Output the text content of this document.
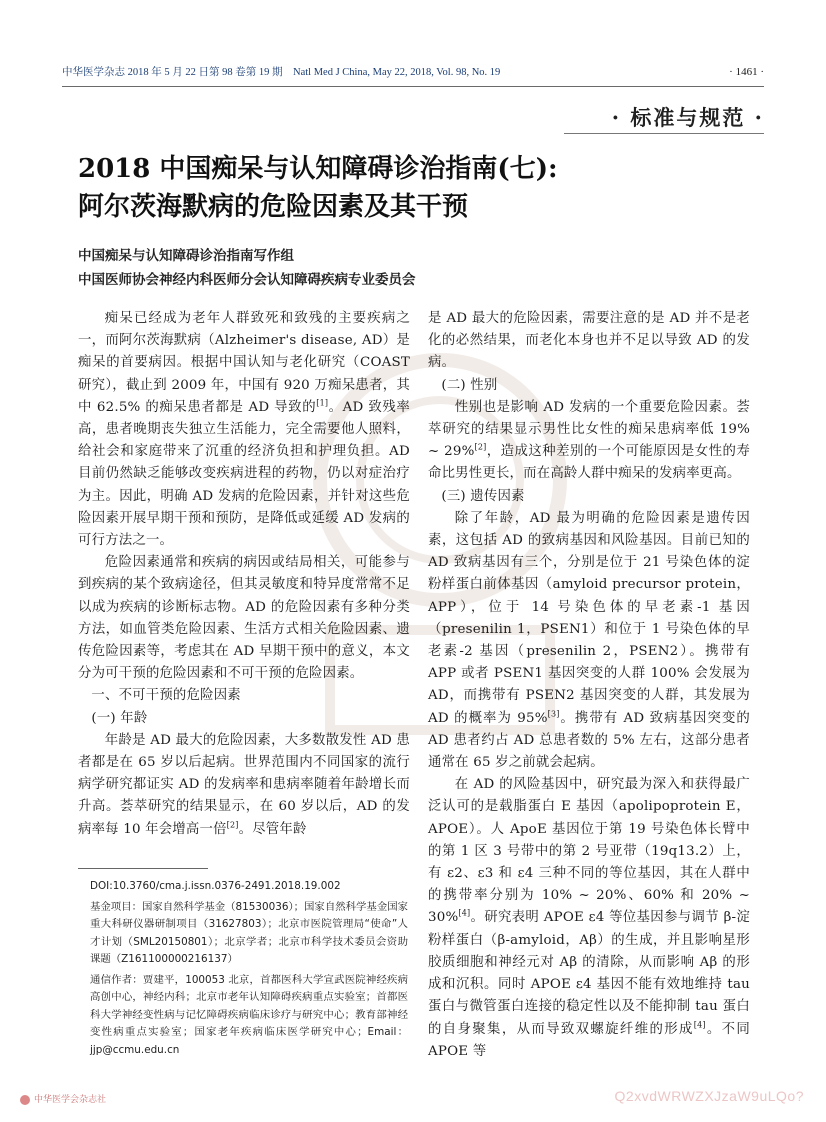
中华医学杂志 2018 年 5 月 22 日第 98 卷第 19 期　Natl Med J China, May 22, 2018, Vol. 98, No. 19	· 1461 ·
· 标准与规范 ·
2018 中国痴呆与认知障碍诊治指南(七):
阿尔茨海默病的危险因素及其干预
中国痴呆与认知障碍诊治指南写作组
中国医师协会神经内科医师分会认知障碍疾病专业委员会

痴呆已经成为老年人群致死和致残的主要疾病之一，而阿尔茨海默病（Alzheimer's disease, AD）是痴呆的首要病因。根据中国认知与老化研究（COAST 研究），截止到 2009 年，中国有 920 万痴呆患者，其中 62.5% 的痴呆患者都是 AD 导致的[1]。AD 致残率高，患者晚期丧失独立生活能力，完全需要他人照料，给社会和家庭带来了沉重的经济负担和护理负担。AD 目前仍然缺乏能够改变疾病进程的药物，仍以对症治疗为主。因此，明确 AD 发病的危险因素，并针对这些危险因素开展早期干预和预防，是降低或延缓 AD 发病的可行方法之一。

危险因素通常和疾病的病因或结局相关，可能参与到疾病的某个致病途径，但其灵敏度和特异度常常不足以成为疾病的诊断标志物。AD 的危险因素有多种分类方法，如血管类危险因素、生活方式相关危险因素、遗传危险因素等，考虑其在 AD 早期干预中的意义，本文分为可干预的危险因素和不可干预的危险因素。

一、不可干预的危险因素

(一) 年龄

年龄是 AD 最大的危险因素，大多数散发性 AD 患者都是在 65 岁以后起病。世界范围内不同国家的流行病学研究都证实 AD 的发病率和患病率随着年龄增长而升高。荟萃研究的结果显示，在 60 岁以后，AD 的发病率每 10 年会增高一倍[2]。尽管年龄

是 AD 最大的危险因素，需要注意的是 AD 并不是老化的必然结果，而老化本身也并不足以导致 AD 的发病。

(二) 性别

性别也是影响 AD 发病的一个重要危险因素。荟萃研究的结果显示男性比女性的痴呆患病率低 19% ~ 29%[2]，造成这种差别的一个可能原因是女性的寿命比男性更长，而在高龄人群中痴呆的发病率更高。

(三) 遗传因素

除了年龄，AD 最为明确的危险因素是遗传因素，这包括 AD 的致病基因和风险基因。目前已知的 AD 致病基因有三个，分别是位于 21 号染色体的淀粉样蛋白前体基因（amyloid precursor protein，APP），位于 14 号染色体的早老素-1 基因（presenilin 1，PSEN1）和位于 1 号染色体的早老素-2 基因（presenilin 2，PSEN2）。携带有 APP 或者 PSEN1 基因突变的人群 100% 会发展为 AD，而携带有 PSEN2 基因突变的人群，其发展为 AD 的概率为 95%[3]。携带有 AD 致病基因突变的 AD 患者约占 AD 总患者数的 5% 左右，这部分患者通常在 65 岁之前就会起病。

在 AD 的风险基因中，研究最为深入和获得最广泛认可的是载脂蛋白 E 基因（apolipoprotein E，APOE）。人 ApoE 基因位于第 19 号染色体长臂中的第 1 区 3 号带中的第 2 号亚带（19q13.2）上，有 ε2、ε3 和 ε4 三种不同的等位基因，其在人群中的携带率分别为 10% ~ 20%、60% 和 20% ~ 30%[4]。研究表明 APOE ε4 等位基因参与调节 β-淀粉样蛋白（β-amyloid，Aβ）的生成，并且影响星形胶质细胞和神经元对 Aβ 的清除，从而影响 Aβ 的形成和沉积。同时 APOE ε4 基因不能有效地维持 tau 蛋白与微管蛋白连接的稳定性以及不能抑制 tau 蛋白的自身聚集，从而导致双螺旋纤维的形成[4]。不同 APOE 等

DOI:10.3760/cma.j.issn.0376-2491.2018.19.002

基金项目：国家自然科学基金（81530036）；国家自然科学基金国家重大科研仪器研制项目（31627803）；北京市医院管理局“使命”人才计划（SML20150801）；北京学者；北京市科学技术委员会资助课题（Z161100000216137）

通信作者：贾建平，100053 北京，首都医科大学宣武医院神经疾病高创中心，神经内科；北京市老年认知障碍疾病重点实验室；首都医科大学神经变性病与记忆障碍疾病临床诊疗与研究中心；教育部神经变性病重点实验室；国家老年疾病临床医学研究中心；Email：jjp@ccmu.edu.cn

中华医学会杂志社	Q2xvdWRWZXJzaW9uLQo?
